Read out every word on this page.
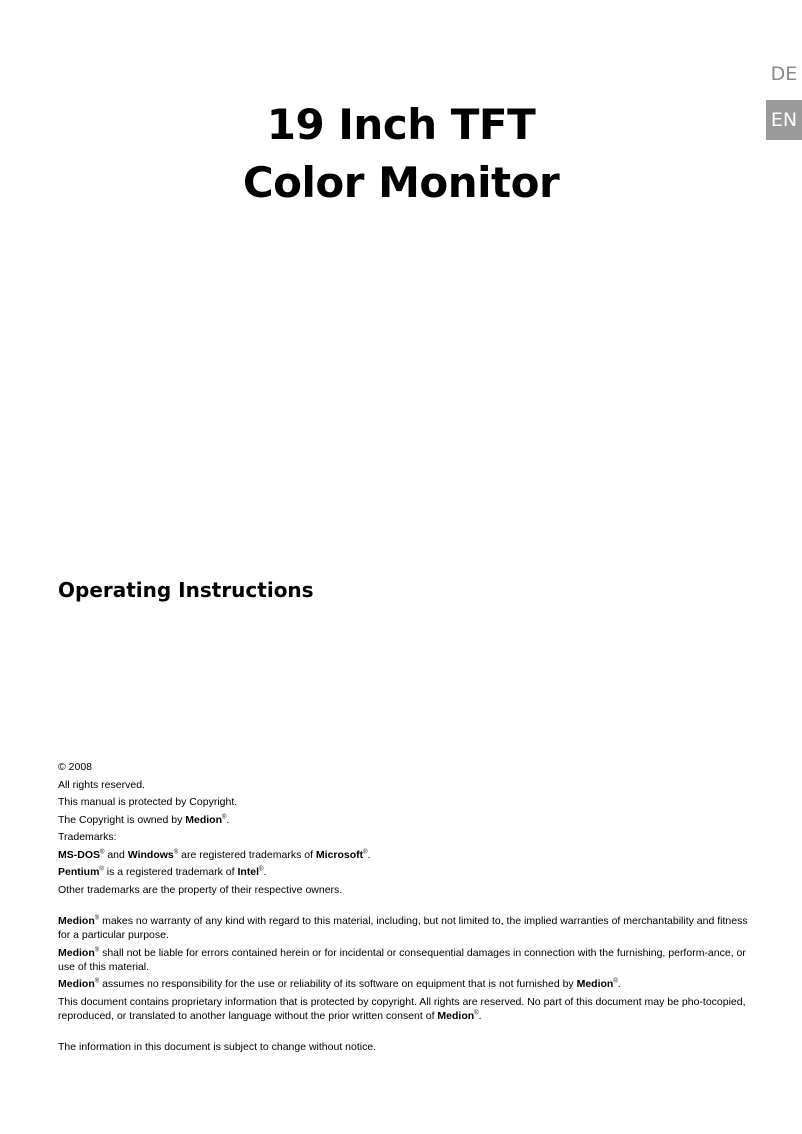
DE
EN
19 Inch TFT
Color Monitor
Operating Instructions

© 2008

All rights reserved.

This manual is protected by Copyright.

The Copyright is owned by Medion®.

Trademarks:

MS-DOS® and Windows® are registered trademarks of Microsoft®.

Pentium® is a registered trademark of Intel®.

Other trademarks are the property of their respective owners.

Medion® makes no warranty of any kind with regard to this material, including, but not limited to, the implied warranties of merchantability and fitness for a particular purpose.

Medion® shall not be liable for errors contained herein or for incidental or consequential damages in connection with the furnishing, perform-ance, or use of this material.

Medion® assumes no responsibility for the use or reliability of its software on equipment that is not furnished by Medion®.

This document contains proprietary information that is protected by copyright. All rights are reserved. No part of this document may be pho-tocopied, reproduced, or translated to another language without the prior written consent of Medion®.

The information in this document is subject to change without notice.
